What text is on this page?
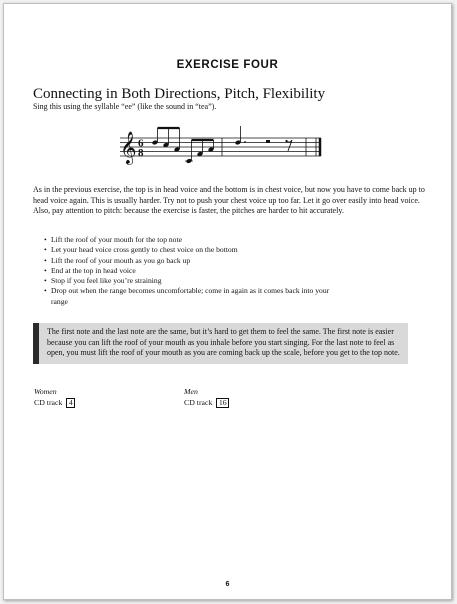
EXERCISE FOUR
Connecting in Both Directions, Pitch, Flexibility
Sing this using the syllable “ee” (like the sound in “tea”).
𝄞 6
8

As in the previous exercise, the top is in head voice and the bottom is in chest voice, but now you have to come back up to head voice again. This is usually harder. Try not to push your chest voice up too far. Let it go over easily into head voice. Also, pay attention to pitch: because the exercise is faster, the pitches are harder to hit accurately.

• Lift the roof of your mouth for the top note
• Let your head voice cross gently to chest voice on the bottom
• Lift the roof of your mouth as you go back up
• End at the top in head voice
• Stop if you feel like you’re straining
• Drop out when the range becomes uncomfortable; come in again as it comes back into your range
The first note and the last note are the same, but it’s hard to get them to feel the same. The first note is easier because you can lift the roof of your mouth as you inhale before you start singing. For the last note to feel as open, you must lift the roof of your mouth as you are coming back up the scale, before you get to the top note.
Women
CD track 4
Men
CD track 16
6
